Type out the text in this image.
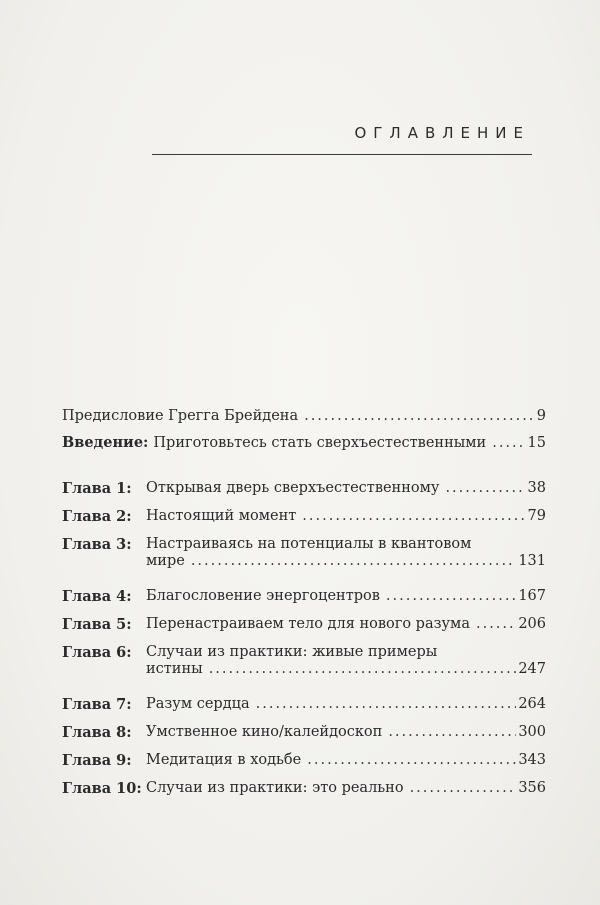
ОГЛАВЛЕНИЕ
Предисловие Грегга Брейдена .....	9
Введение: Приготовьтесь стать сверхъестественными .....	15
Глава 1: Открывая дверь сверхъестественному .....	38
Глава 2: Настоящий момент .....	79
Глава 3: Настраиваясь на потенциалы в квантовом
мире .....	131
Глава 4: Благословение энергоцентров .....	167
Глава 5: Перенастраиваем тело для нового разума .....	206
Глава 6: Случаи из практики: живые примеры
истины .....	247
Глава 7: Разум сердца .....	264
Глава 8: Умственное кино/калейдоскоп .....	300
Глава 9: Медитация в ходьбе .....	343
Глава 10: Случаи из практики: это реально .....	356
